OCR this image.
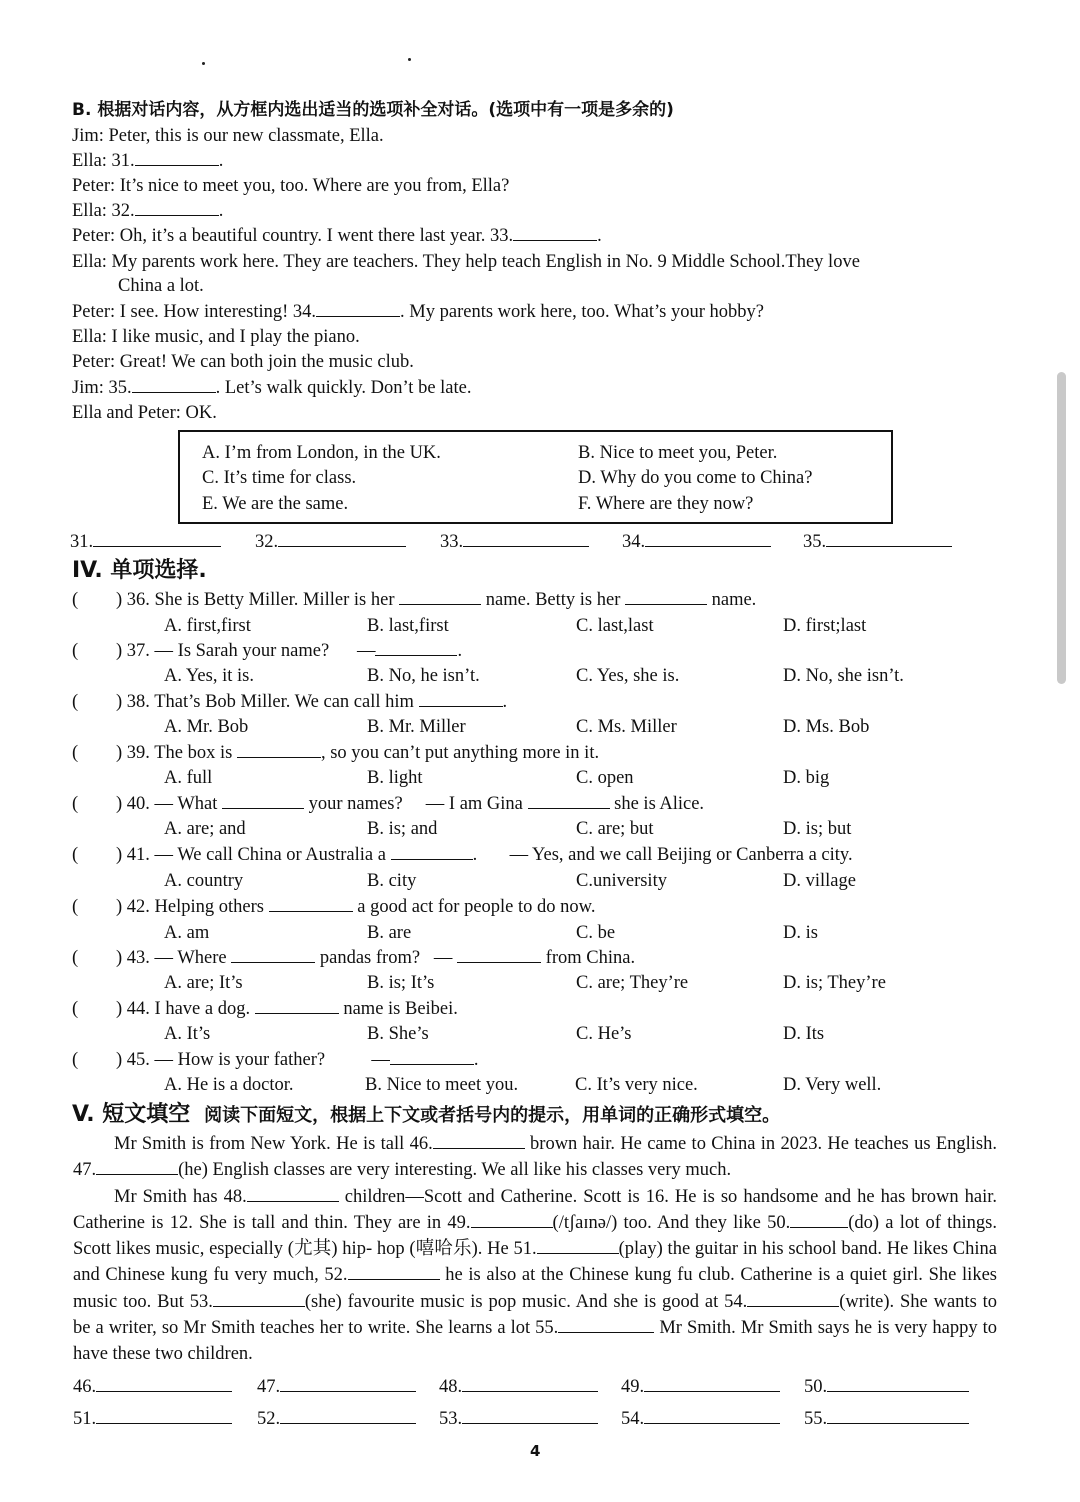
B. 根据对话内容，从方框内选出适当的选项补全对话。(选项中有一项是多余的)
Jim: Peter, this is our new classmate, Ella.
Ella: 31.	.
Peter: It’s nice to meet you, too. Where are you from, Ella?
Ella: 32.	.
Peter: Oh, it’s a beautiful country. I went there last year. 33.	.
Ella: My parents work here. They are teachers. They help teach English in No. 9 Middle School.They love
China a lot.
Peter: I see. How interesting! 34.	. My parents work here, too. What’s your hobby?
Ella: I like music, and I play the piano.
Peter: Great! We can both join the music club.
Jim: 35.	. Let’s walk quickly. Don’t be late.
Ella and Peter: OK.
A. I’m from London, in the UK.	B. Nice to meet you, Peter.
C. It’s time for class.	D. Why do you come to China?
E. We are the same.	F. Where are they now?
31.	32.	33.	34.	35.
IV. 单项选择.
( ) 36. She is Betty Miller. Miller is her	name. Betty is her	name.
A. first,first	B. last,first	C. last,last	D. first;last
( ) 37. — Is Sarah your name? —	.
A. Yes, it is.	B. No, he isn’t.	C. Yes, she is.	D. No, she isn’t.
( ) 38. That’s Bob Miller. We can call him	.
A. Mr. Bob	B. Mr. Miller	C. Ms. Miller	D. Ms. Bob
( ) 39. The box is	, so you can’t put anything more in it.
A. full	B. light	C. open	D. big
( ) 40. — What	your names? — I am Gina	she is Alice.
A. are; and	B. is; and	C. are; but	D. is; but
( ) 41. — We call China or Australia a	. — Yes, and we call Beijing or Canberra a city.
A. country	B. city	C.university	D. village
( ) 42. Helping others	a good act for people to do now.
A. am	B. are	C. be	D. is
( ) 43. — Where	pandas from? —	from China.
A. are; It’s	B. is; It’s	C. are; They’re	D. is; They’re
( ) 44. I have a dog.	name is Beibei.
A. It’s	B. She’s	C. He’s	D. Its
( ) 45. — How is your father?	—	.
A. He is a doctor.	B. Nice to meet you.	C. It’s very nice.	D. Very well.
V. 短文填空 阅读下面短文，根据上下文或者括号内的提示，用单词的正确形式填空。

Mr Smith is from New York. He is tall 46.	brown hair. He came to China in 2023. He teaches us English. 47.	(he) English classes are very interesting. We all like his classes very much.

Mr Smith has 48.	children—Scott and Catherine. Scott is 16. He is so handsome and he has brown hair. Catherine is 12. She is tall and thin. They are in 49.	(/tʃaɪnə/) too. And they like 50.	(do) a lot of things. Scott likes music, especially (尤其) hip- hop (嘻哈乐). He 51.	(play) the guitar in his school band. He likes China and Chinese kung fu very much, 52.	he is also at the Chinese kung fu club. Catherine is a quiet girl. She likes music too. But 53.	(she) favourite music is pop music. And she is good at 54.	(write). She wants to be a writer, so Mr Smith teaches her to write. She learns a lot 55.	Mr Smith. Mr Smith says he is very happy to have these two children.

46.	47.	48.	49.	50.
51.	52.	53.	54.	55.
4
